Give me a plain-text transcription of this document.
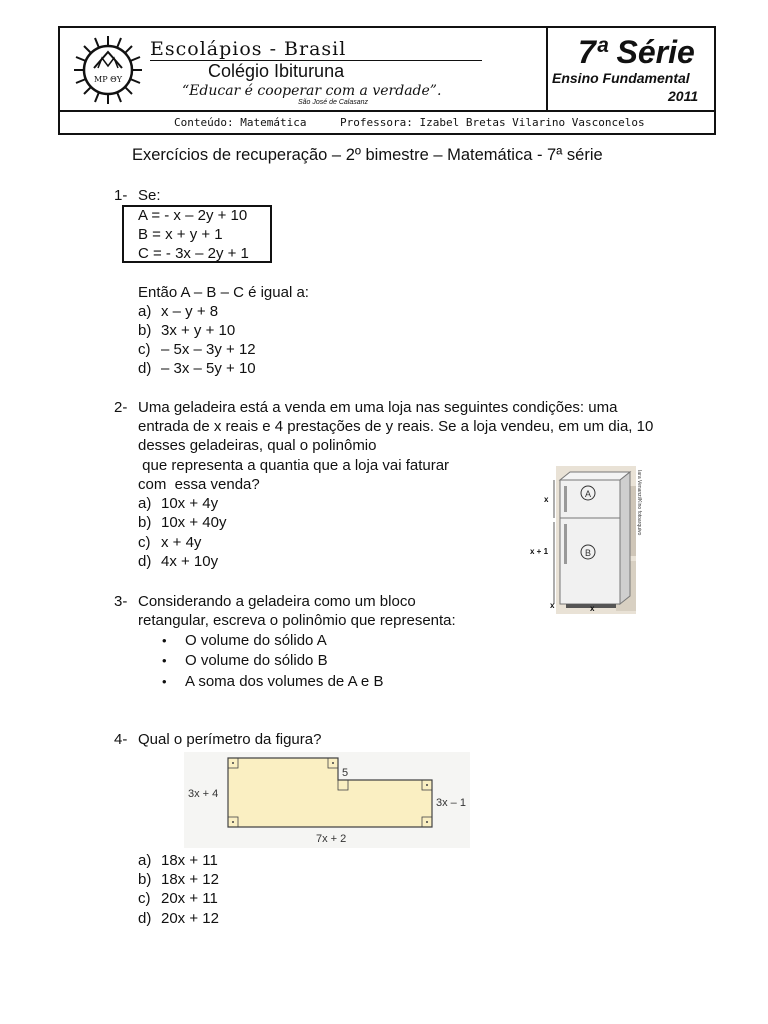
MP ΘΥ
Escolápios - Brasil
Colégio Ibituruna
“Educar é cooperar com a verdade”.
São José de Calasanz
7ª Série
Ensino Fundamental
2011
Conteúdo: Matemática	Professora: Izabel Bretas Vilarino Vasconcelos
Exercícios de recuperação – 2º bimestre – Matemática - 7ª série
1- Se:
A = - x – 2y + 10
B = x + y + 1
C = - 3x – 2y + 1
Então A – B – C é igual a:
a) x – y + 8
b) 3x + y + 10
c) – 5x – 3y + 12
d) – 3x – 5y + 10
2- Uma geladeira está a venda em uma loja nas seguintes condições: uma
entrada de x reais e 4 prestações de y reais. Se a loja vendeu, em um dia, 10
desses geladeiras, qual o polinômio
que representa a quantia que a loja vai faturar
com  essa venda?
a) 10x + 4y
b) 10x + 40y
c) x + 4y
d) 4x + 10y
A
B
x
x + 1
x	x
Iara Venanzi/Kino fotoarquivo
3- Considerando a geladeira como um bloco
retangular, escreva o polinômio que representa:
• O volume do sólido A
• O volume do sólido B
• A soma dos volumes de A e B
4- Qual o perímetro da figura?
3x + 4
5
3x – 1
7x + 2
a) 18x + 11
b) 18x + 12
c) 20x + 11
d) 20x + 12
